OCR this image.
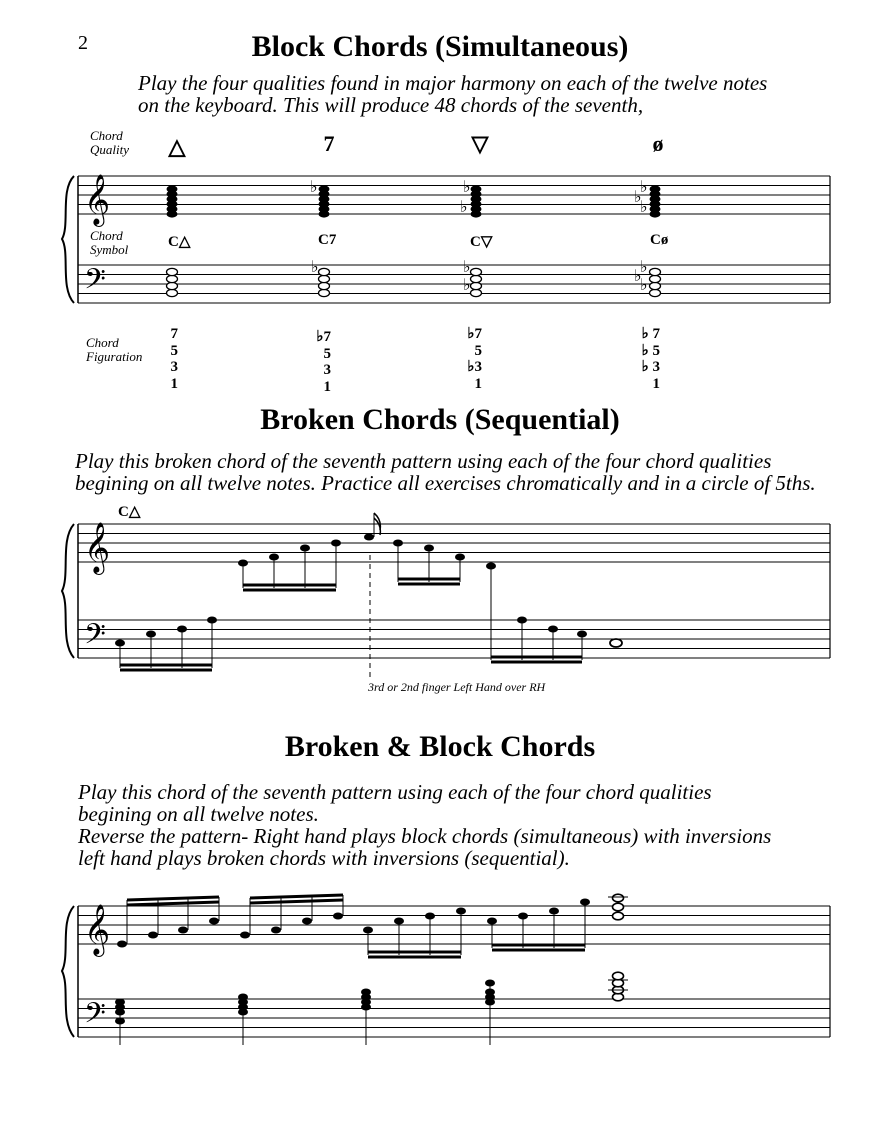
2	Block Chords (Simultaneous)
Play the four qualities found in major harmony on each of the twelve notes
on the keyboard. This will produce 48 chords of the seventh,
Chord
Quality
Chord
Symbol
Chord
Figuration
△	7	▽	ø
C△	C7	C▽	Cø
7
5
3
1
♭7
5
3
1
♭7
5
♭3
1
♭ 7
♭ 5
♭ 3
1
Broken Chords (Sequential)
Play this broken chord of the seventh pattern using each of the four chord qualities
begining on all twelve notes. Practice all exercises chromatically and in a circle of 5ths.
C△
3rd or 2nd finger Left Hand over RH
Broken & Block Chords
Play this chord of the seventh pattern using each of the four chord qualities
begining on all twelve notes.
Reverse the pattern- Right hand plays block chords (simultaneous) with inversions
left hand plays broken chords with inversions (sequential).
𝄞
𝄢
♭	♭
♭
♭
♭
♭
♭	♭
♭
♭
♭
♭
𝄞
𝄢
𝄞
𝄢
